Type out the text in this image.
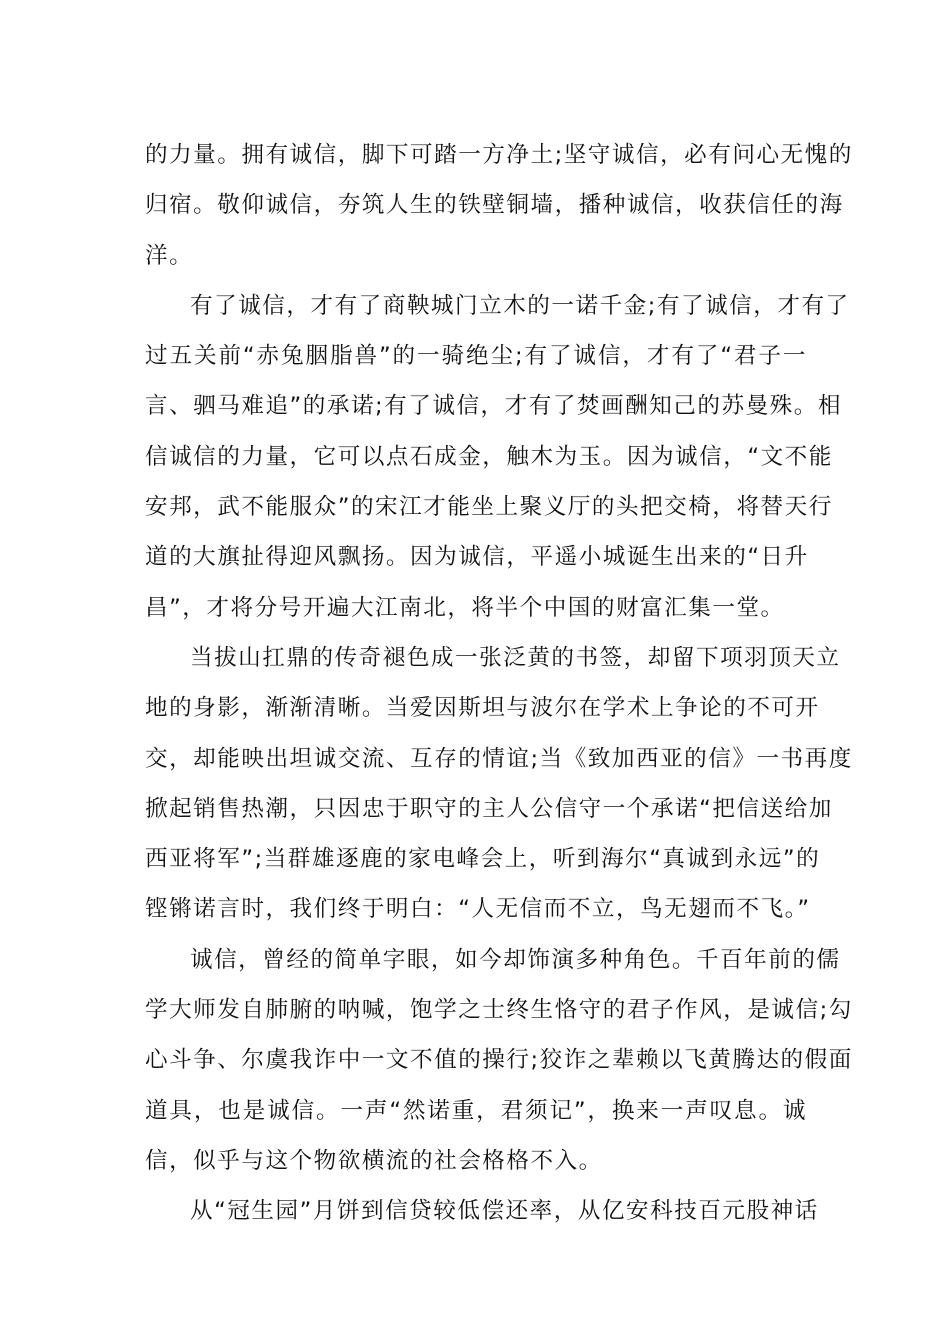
的力量。拥有诚信，脚下可踏一方净土;坚守诚信，必有问心无愧的
归宿。敬仰诚信，夯筑人生的铁壁铜墙，播种诚信，收获信任的海
洋。
有了诚信，才有了商鞅城门立木的一诺千金;有了诚信，才有了
过五关前“赤兔胭脂兽”的一骑绝尘;有了诚信，才有了“君子一
言、驷马难追”的承诺;有了诚信，才有了焚画酬知己的苏曼殊。相
信诚信的力量，它可以点石成金，触木为玉。因为诚信，“文不能
安邦，武不能服众”的宋江才能坐上聚义厅的头把交椅，将替天行
道的大旗扯得迎风飘扬。因为诚信，平遥小城诞生出来的“日升
昌”，才将分号开遍大江南北，将半个中国的财富汇集一堂。
当拔山扛鼎的传奇褪色成一张泛黄的书签，却留下项羽顶天立
地的身影，渐渐清晰。当爱因斯坦与波尔在学术上争论的不可开
交，却能映出坦诚交流、互存的情谊;当《致加西亚的信》一书再度
掀起销售热潮，只因忠于职守的主人公信守一个承诺“把信送给加
西亚将军”;当群雄逐鹿的家电峰会上，听到海尔“真诚到永远”的
铿锵诺言时，我们终于明白：“人无信而不立，鸟无翅而不飞。”
诚信，曾经的简单字眼，如今却饰演多种角色。千百年前的儒
学大师发自肺腑的呐喊，饱学之士终生恪守的君子作风，是诚信;勾
心斗争、尔虞我诈中一文不值的操行;狡诈之辈赖以飞黄腾达的假面
道具，也是诚信。一声“然诺重，君须记”，换来一声叹息。诚
信，似乎与这个物欲横流的社会格格不入。
从“冠生园”月饼到信贷较低偿还率，从亿安科技百元股神话
